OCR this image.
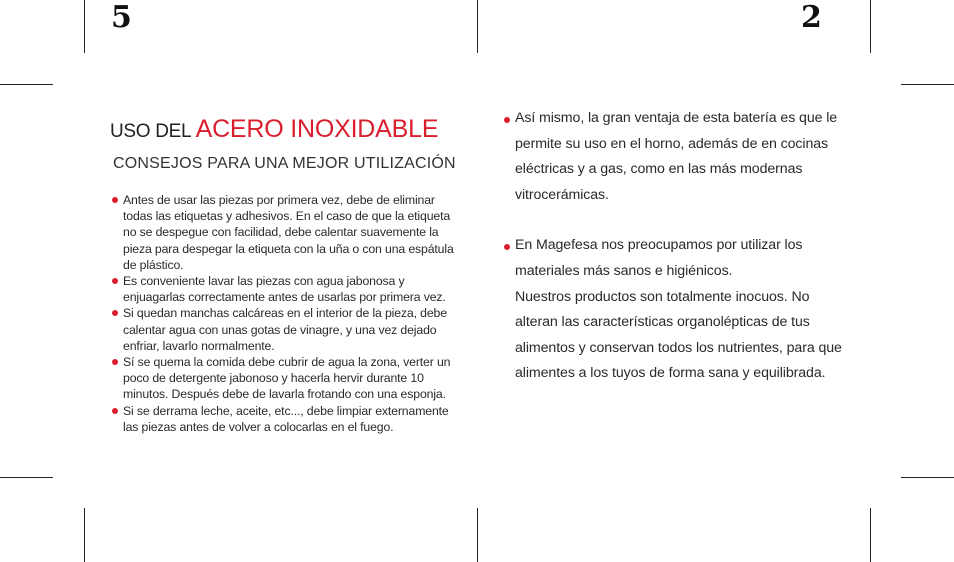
5	2
USO DEL ACERO INOXIDABLE
CONSEJOS PARA UNA MEJOR UTILIZACIÓN
Antes de usar las piezas por primera vez, debe de eliminar todas las etiquetas y adhesivos. En el caso de que la etiqueta no se despegue con facilidad, debe calentar suavemente la pieza para despegar la etiqueta con la uña o con una espátula de plástico.
Es conveniente lavar las piezas con agua jabonosa y enjuagarlas correctamente antes de usarlas por primera vez.
Si quedan manchas calcáreas en el interior de la pieza, debe calentar agua con unas gotas de vinagre, y una vez dejado enfriar, lavarlo normalmente.
Sí se quema la comida debe cubrir de agua la zona, verter un poco de detergente jabonoso y hacerla hervir durante 10 minutos. Después debe de lavarla frotando con una esponja.
Si se derrama leche, aceite, etc..., debe limpiar externamente las piezas antes de volver a colocarlas en el fuego.

Así mismo, la gran ventaja de esta batería es que le permite su uso en el horno, además de en cocinas eléctricas y a gas, como en las más modernas vitrocerámicas.

En Magefesa nos preocupamos por utilizar los materiales más sanos e higiénicos.

Nuestros productos son totalmente inocuos. No alteran las características organolépticas de tus alimentos y conservan todos los nutrientes, para que alimentes a los tuyos de forma sana y equilibrada.
